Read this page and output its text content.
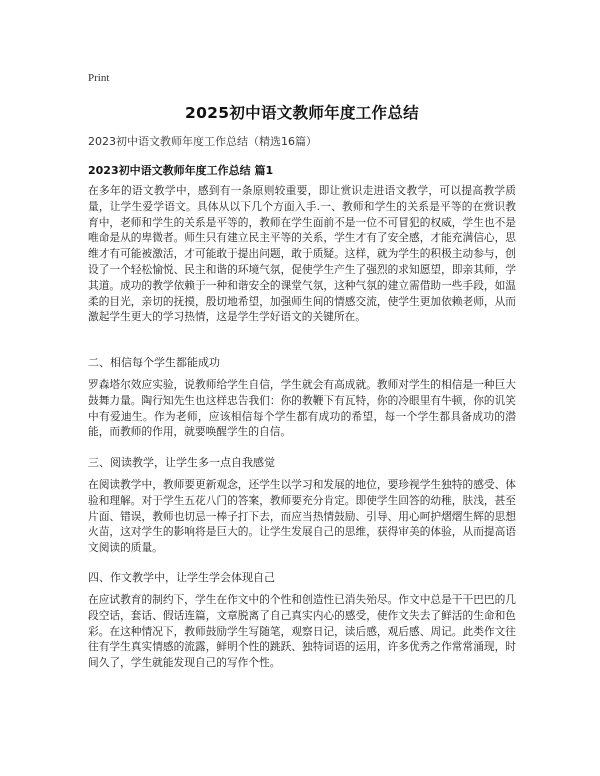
Print
2025初中语文教师年度工作总结
2023初中语文教师年度工作总结（精选16篇）
2023初中语文教师年度工作总结 篇1

在多年的语文教学中，感到有一条原则较重要，即让赏识走进语文教学，可以提高教学质量，让学生爱学语文。具体从以下几个方面入手.一、教师和学生的关系是平等的在赏识教育中，老师和学生的关系是平等的，教师在学生面前不是一位不可冒犯的权威，学生也不是唯命是从的卑微者。师生只有建立民主平等的关系，学生才有了安全感，才能充满信心，思维才有可能被激活，才可能敢于提出问题，敢于质疑。这样，就为学生的积极主动参与，创设了一个轻松愉悦、民主和谐的环境气氛，促使学生产生了强烈的求知愿望，即亲其师，学其道。成功的教学依赖于一种和谐安全的课堂气氛，这种气氛的建立需借助一些手段，如温柔的目光，亲切的抚摸，殷切地希望，加强师生间的情感交流，使学生更加依赖老师，从而激起学生更大的学习热情，这是学生学好语文的关键所在。

二、相信每个学生都能成功

罗森塔尔效应实验，说教师给学生自信，学生就会有高成就。教师对学生的相信是一种巨大鼓舞力量。陶行知先生也这样忠告我们：你的教鞭下有瓦特，你的冷眼里有牛顿，你的讥笑中有爱迪生。作为老师，应该相信每个学生都有成功的希望，每一个学生都具备成功的潜能，而教师的作用，就要唤醒学生的自信。

三、阅读教学，让学生多一点自我感觉

在阅读教学中，教师要更新观念，还学生以学习和发展的地位，要珍视学生独特的感受、体验和理解。对于学生五花八门的答案，教师要充分肯定。即使学生回答的幼稚，肤浅，甚至片面、错误，教师也切忌一棒子打下去，而应当热情鼓励、引导、用心呵护熠熠生辉的思想火苗，这对学生的影响将是巨大的。让学生发展自己的思维，获得审美的体验，从而提高语文阅读的质量。

四、作文教学中，让学生学会体现自己

在应试教育的制约下，学生在作文中的个性和创造性已消失殆尽。作文中总是干干巴巴的几段空话，套话、假话连篇，文章脱离了自己真实内心的感受，使作文失去了鲜活的生命和色彩。在这种情况下，教师鼓励学生写随笔，观察日记，读后感，观后感、周记。此类作文往往有学生真实情感的流露，鲜明个性的跳跃、独特词语的运用，许多优秀之作常常涌现，时间久了，学生就能发现自己的写作个性。
